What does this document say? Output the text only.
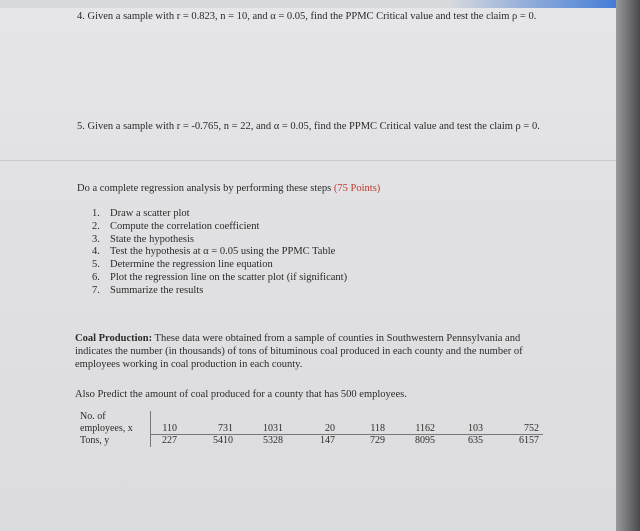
4. Given a sample with r = 0.823, n = 10, and α = 0.05, find the PPMC Critical value and test the claim ρ = 0.
5. Given a sample with r = -0.765, n = 22, and α = 0.05, find the PPMC Critical value and test the claim ρ = 0.
Do a complete regression analysis by performing these steps (75 Points)
1. Draw a scatter plot
2. Compute the correlation coefficient
3. State the hypothesis
4. Test the hypothesis at α = 0.05 using the PPMC Table
5. Determine the regression line equation
6. Plot the regression line on the scatter plot (if significant)
7. Summarize the results
Coal Production: These data were obtained from a sample of counties in Southwestern Pennsylvania and indicates the number (in thousands) of tons of bituminous coal produced in each county and the number of employees working in coal production in each county.
Also Predict the amount of coal produced for a county that has 500 employees.
No. of								
employees, x	110	731	1031	20	118	1162	103	752
Tons, y	227	5410	5328	147	729	8095	635	6157
